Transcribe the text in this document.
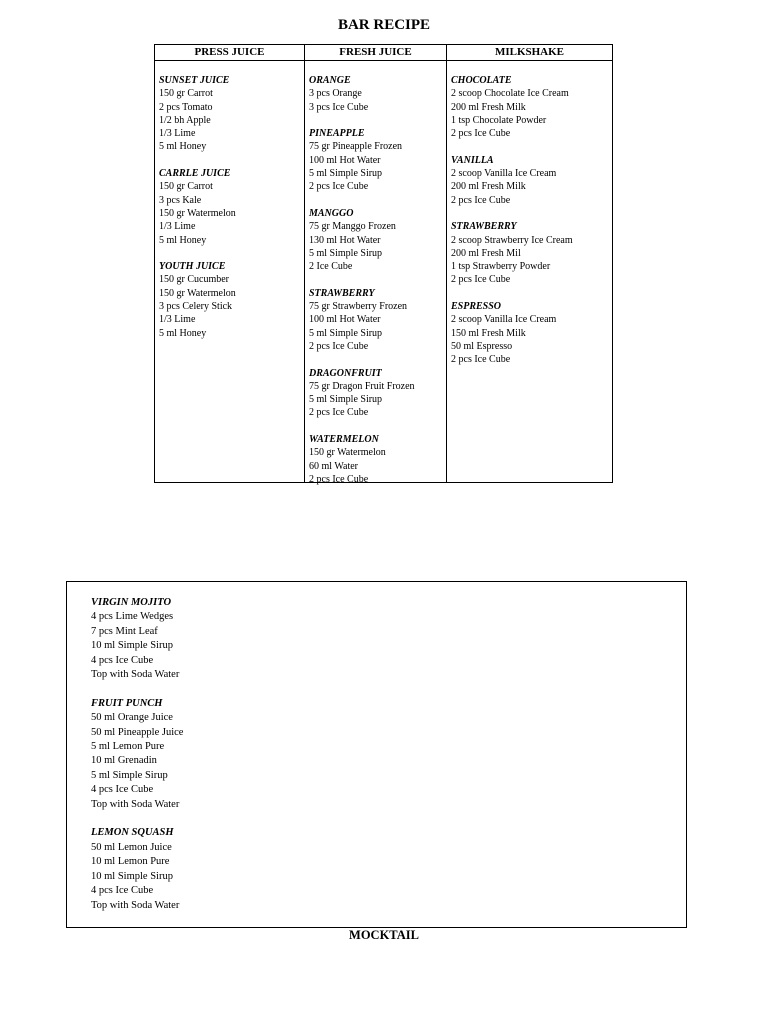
BAR RECIPE
PRESS JUICE
SUNSET JUICE
150 gr Carrot
2 pcs Tomato
1/2 bh Apple
1/3 Lime
5 ml Honey
CARRLE JUICE
150 gr Carrot
3 pcs Kale
150 gr Watermelon
1/3 Lime
5 ml Honey
YOUTH JUICE
150 gr Cucumber
150 gr Watermelon
3 pcs Celery Stick
1/3 Lime
5 ml Honey
FRESH JUICE
ORANGE
3 pcs Orange
3 pcs Ice Cube
PINEAPPLE
75 gr Pineapple Frozen
100 ml Hot Water
5 ml Simple Sirup
2 pcs Ice Cube
MANGGO
75 gr Manggo Frozen
130 ml Hot Water
5 ml Simple Sirup
2 Ice Cube
STRAWBERRY
75 gr Strawberry Frozen
100 ml Hot Water
5 ml Simple Sirup
2 pcs Ice Cube
DRAGONFRUIT
75 gr Dragon Fruit Frozen
5 ml Simple Sirup
2 pcs Ice Cube
WATERMELON
150 gr Watermelon
60 ml Water
2 pcs Ice Cube
MILKSHAKE
CHOCOLATE
2 scoop Chocolate Ice Cream
200 ml Fresh Milk
1 tsp Chocolate Powder
2 pcs Ice Cube
VANILLA
2 scoop Vanilla Ice Cream
200 ml Fresh Milk
2 pcs Ice Cube
STRAWBERRY
2 scoop Strawberry Ice Cream
200 ml Fresh Mil
1 tsp Strawberry Powder
2 pcs Ice Cube
ESPRESSO
2 scoop Vanilla Ice Cream
150 ml Fresh Milk
50 ml Espresso
2 pcs Ice Cube
VIRGIN MOJITO
4 pcs Lime Wedges
7 pcs Mint Leaf
10 ml Simple Sirup
4 pcs Ice Cube
Top with Soda Water
FRUIT PUNCH
50 ml Orange Juice
50 ml Pineapple Juice
5 ml Lemon Pure
10 ml Grenadin
5 ml Simple Sirup
4 pcs Ice Cube
Top with Soda Water
LEMON SQUASH
50 ml Lemon Juice
10 ml Lemon Pure
10 ml Simple Sirup
4 pcs Ice Cube
Top with Soda Water
MOCKTAIL
